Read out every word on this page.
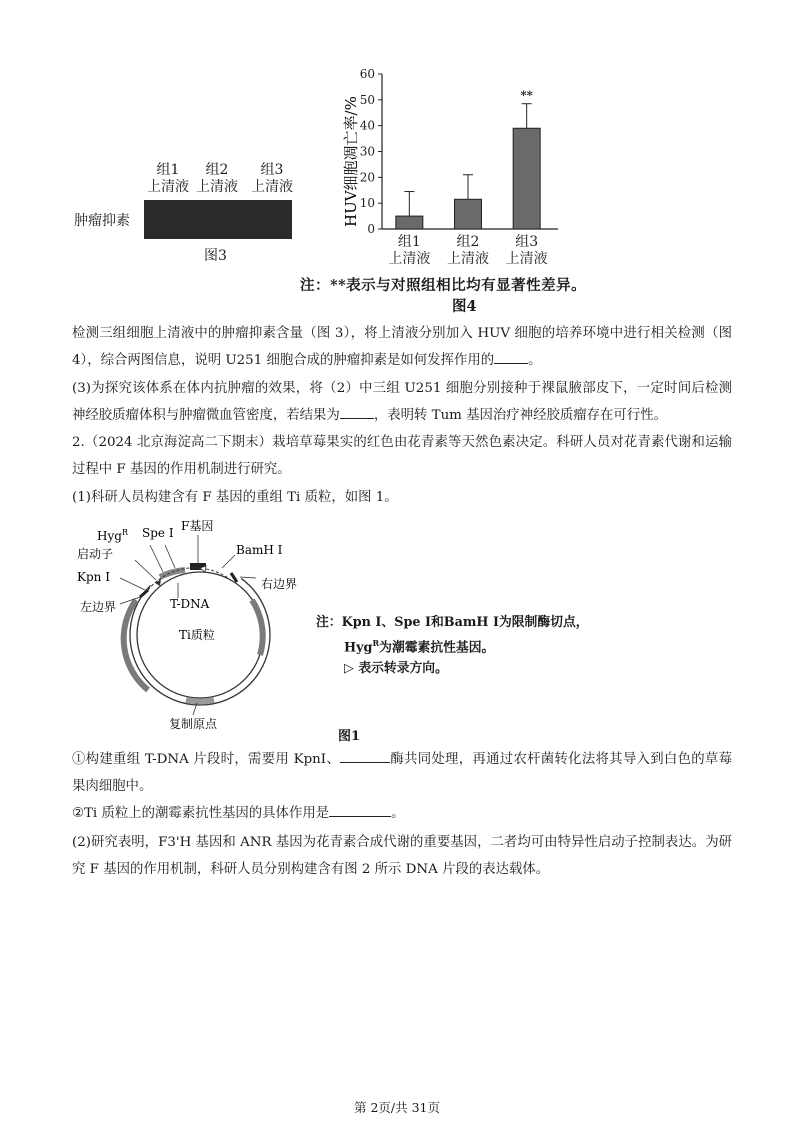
组1
上清液
组2
上清液
组3
上清液
肿瘤抑素
图3
HUV细胞凋亡率/%
0
10
20
30
40
50
60
组1
上清液
组2
上清液
**
组3
上清液
注：**表示与对照组相比均有显著性差异。
图4

检测三组细胞上清液中的肿瘤抑素含量（图 3），将上清液分别加入 HUV 细胞的培养环境中进行相关检测（图 4），综合两图信息，说明 U251 细胞合成的肿瘤抑素是如何发挥作用的	。

(3)为探究该体系在体内抗肿瘤的效果，将（2）中三组 U251 细胞分别接种于裸鼠腋部皮下，一定时间后检测神经胶质瘤体积与肿瘤微血管密度，若结果为	，表明转 Tum 基因治疗神经胶质瘤存在可行性。

2.（2024 北京海淀高二下期末）栽培草莓果实的红色由花青素等天然色素决定。科研人员对花青素代谢和运输过程中 F 基因的作用机制进行研究。

(1)科研人员构建含有 F 基因的重组 Ti 质粒，如图 1。

Hyg$^R$ Spe Ⅰ F基因
BamH Ⅰ
启动子
右边界
Kpn Ⅰ
T-DNA
左边界
Ti质粒
复制原点
注：Kpn Ⅰ、Spe Ⅰ和BamH Ⅰ为限制酶切点，
Hyg$^R$为潮霉素抗性基因。
▷ 表示转录方向。
图1

①构建重组 T-DNA 片段时，需要用 KpnI、	酶共同处理，再通过农杆菌转化法将其导入到白色的草莓果肉细胞中。

②Ti 质粒上的潮霉素抗性基因的具体作用是	。

(2)研究表明，F3'H 基因和 ANR 基因为花青素合成代谢的重要基因，二者均可由特异性启动子控制表达。为研究 F 基因的作用机制，科研人员分别构建含有图 2 所示 DNA 片段的表达载体。

第 2页/共 31页
